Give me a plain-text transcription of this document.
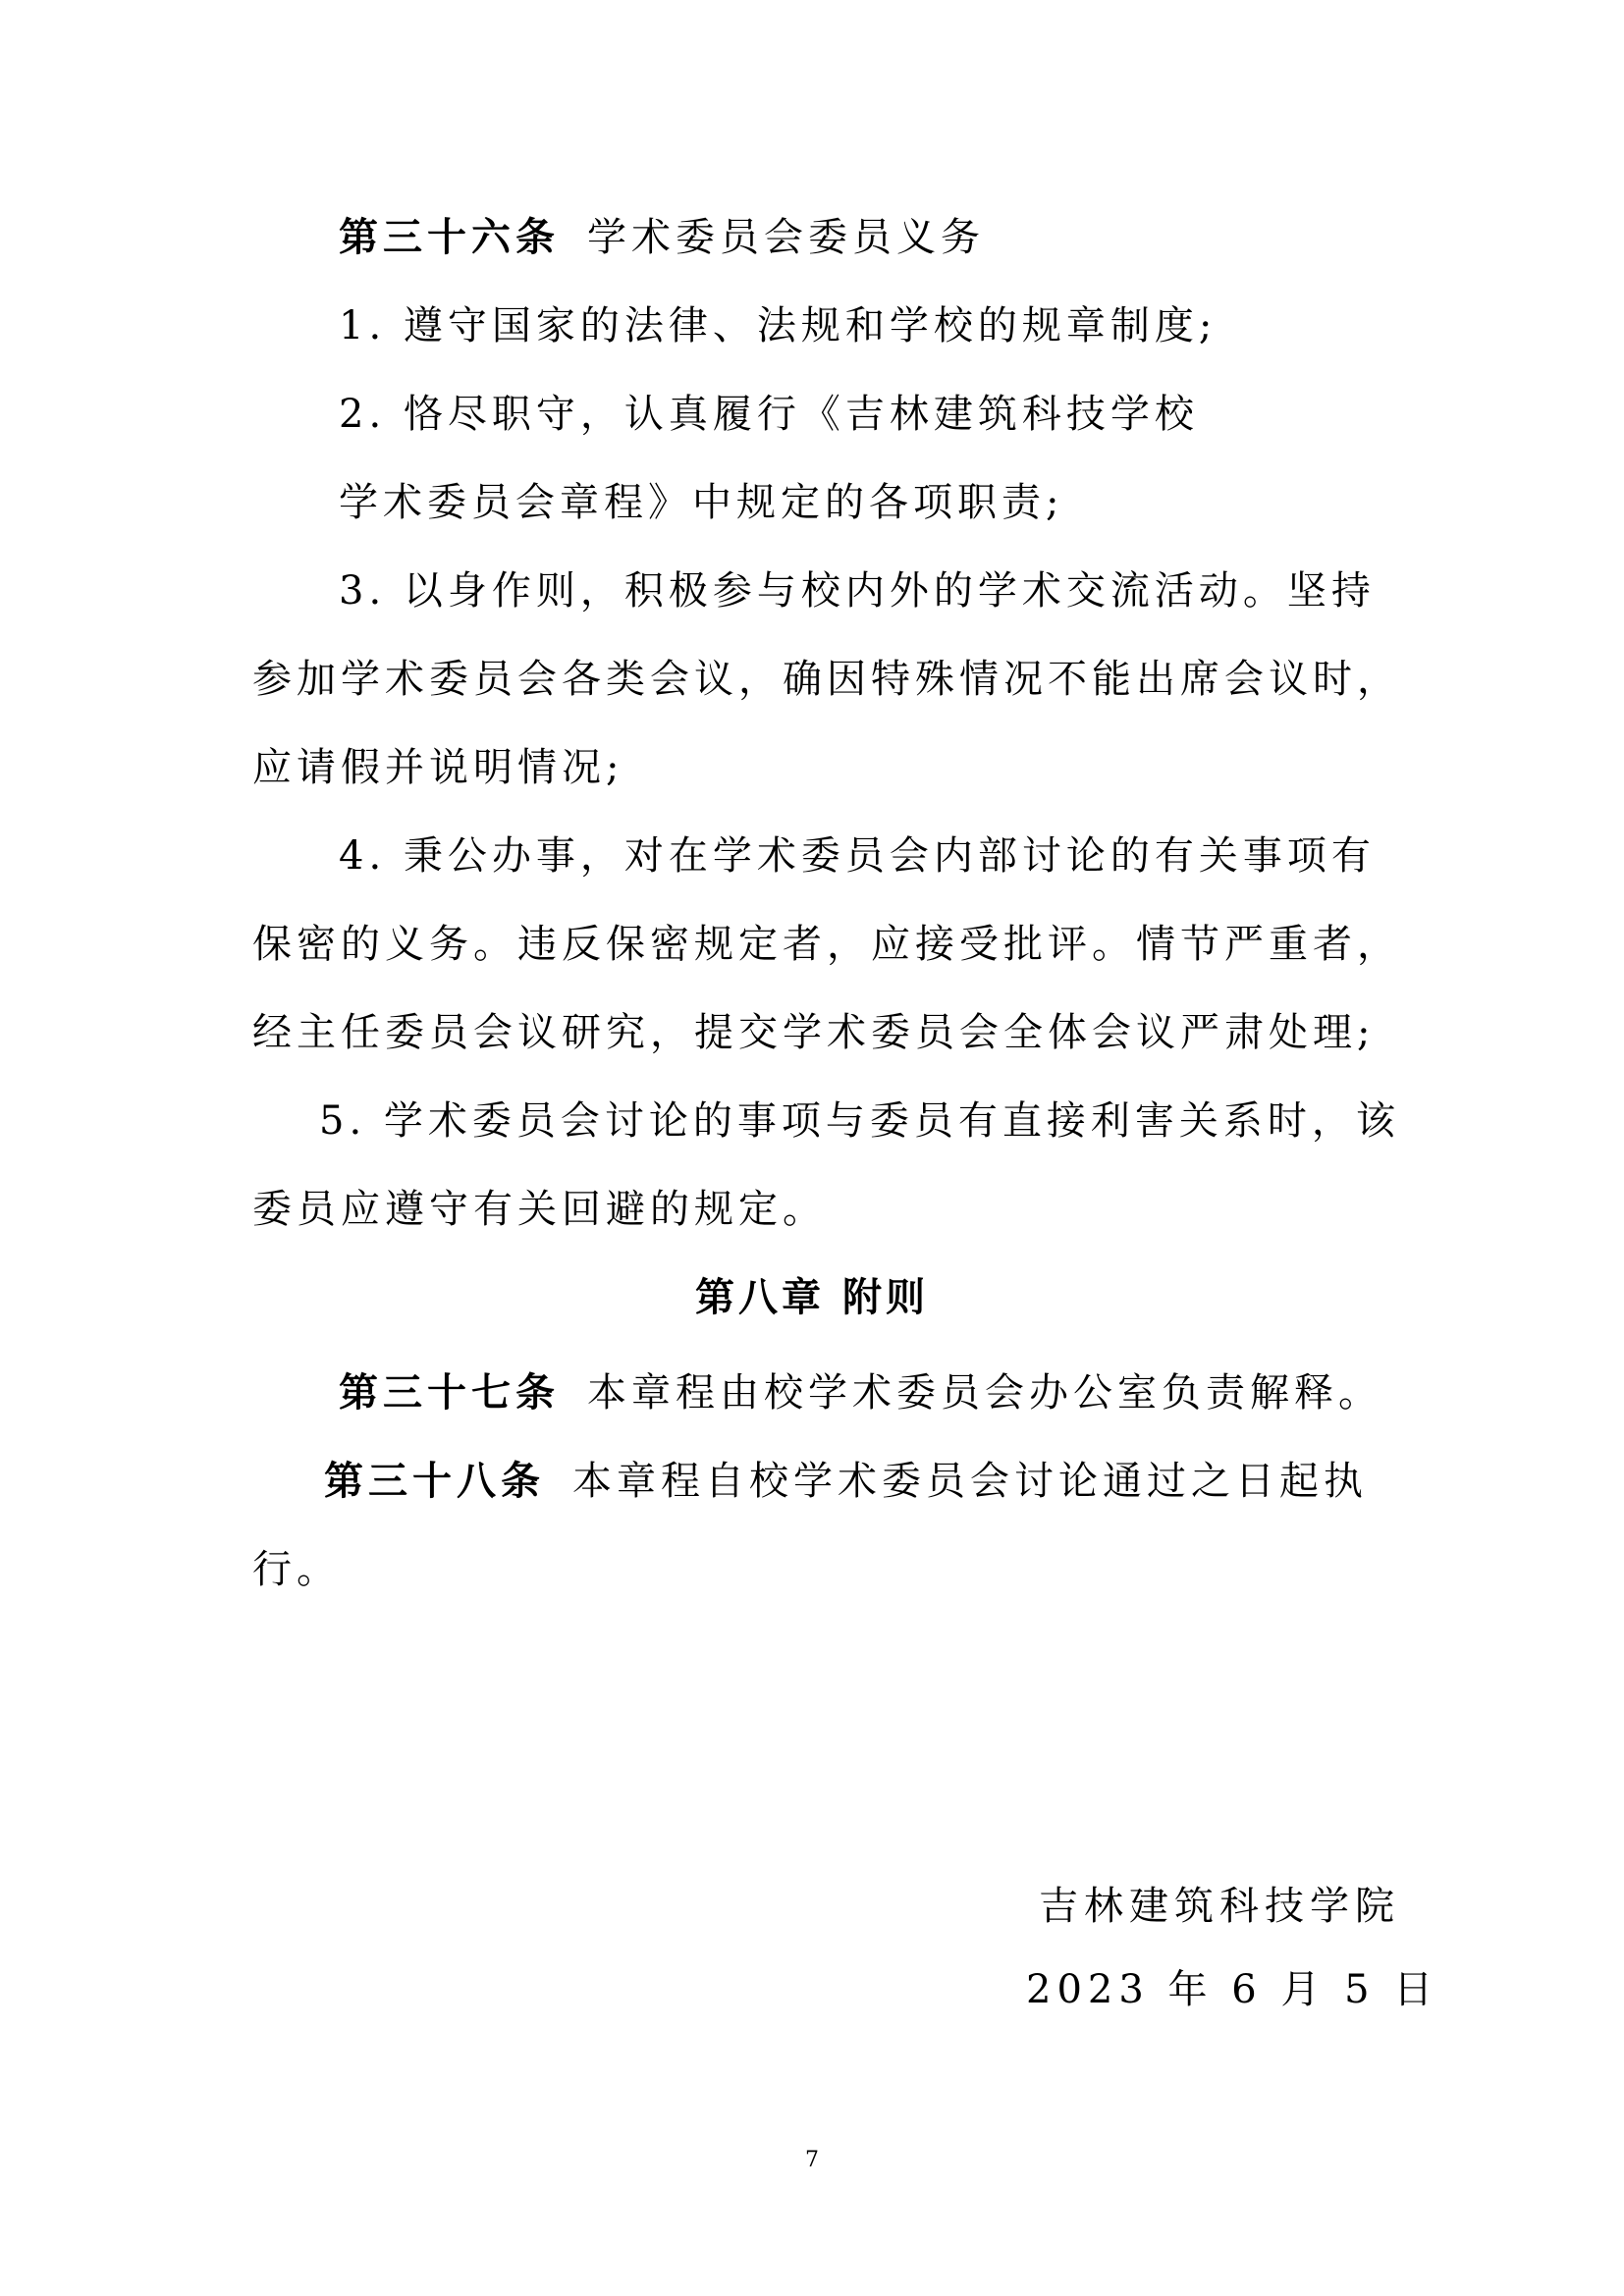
第三十六条 学术委员会委员义务
1. 遵守国家的法律、法规和学校的规章制度;
2. 恪尽职守，认真履行《吉林建筑科技学校
学术委员会章程》中规定的各项职责;
3. 以身作则，积极参与校内外的学术交流活动。坚持
参加学术委员会各类会议，确因特殊情况不能出席会议时，
应请假并说明情况;
4. 秉公办事，对在学术委员会内部讨论的有关事项有
保密的义务。违反保密规定者，应接受批评。情节严重者，
经主任委员会议研究，提交学术委员会全体会议严肃处理;
5. 学术委员会讨论的事项与委员有直接利害关系时，该
委员应遵守有关回避的规定。
第八章 附则
第三十七条 本章程由校学术委员会办公室负责解释。
第三十八条 本章程自校学术委员会讨论通过之日起执
行。
吉林建筑科技学院
2023 年 6 月 5 日
7
